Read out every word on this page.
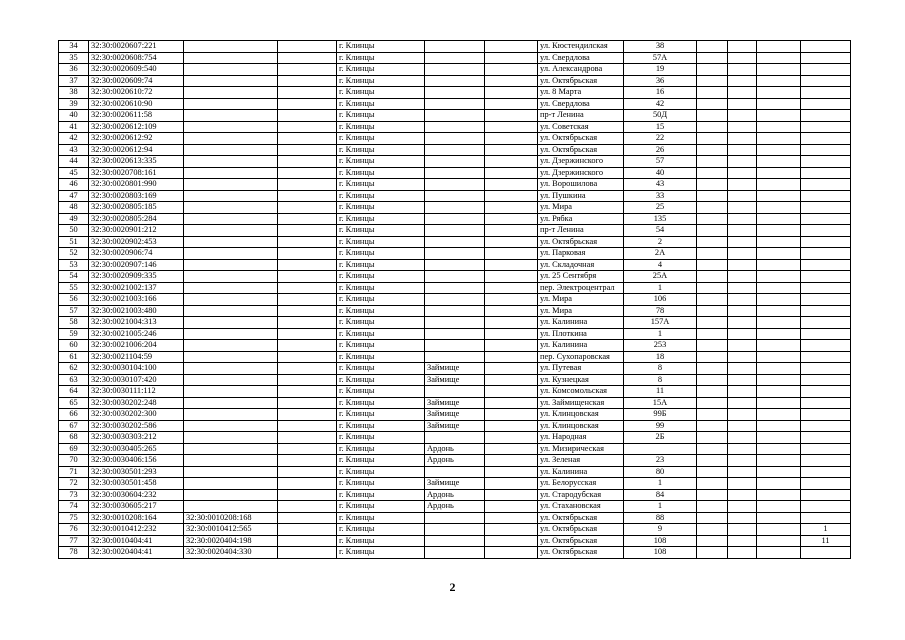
34	32:30:0020607:221			г. Клинцы			ул. Кюстендилская	38				
35	32:30:0020608:754			г. Клинцы			ул. Свердлова	57А				
36	32:30:0020609:540			г. Клинцы			ул. Александрова	19				
37	32:30:0020609:74			г. Клинцы			ул. Октябрьская	36				
38	32:30:0020610:72			г. Клинцы			ул. 8 Марта	16				
39	32:30:0020610:90			г. Клинцы			ул. Свердлова	42				
40	32:30:0020611:58			г. Клинцы			пр-т Ленина	50Д				
41	32:30:0020612:109			г. Клинцы			ул. Советская	15				
42	32:30:0020612:92			г. Клинцы			ул. Октябрьская	22				
43	32:30:0020612:94			г. Клинцы			ул. Октябрьская	26				
44	32:30:0020613:335			г. Клинцы			ул. Дзержинского	57				
45	32:30:0020708:161			г. Клинцы			ул. Дзержинского	40				
46	32:30:0020801:990			г. Клинцы			ул. Ворошилова	43				
47	32:30:0020803:169			г. Клинцы			ул. Пушкина	33				
48	32:30:0020805:185			г. Клинцы			ул. Мира	25				
49	32:30:0020805:284			г. Клинцы			ул. Рябка	135				
50	32:30:0020901:212			г. Клинцы			пр-т Ленина	54				
51	32:30:0020902:453			г. Клинцы			ул. Октябрьская	2				
52	32:30:0020906:74			г. Клинцы			ул. Парковая	2А				
53	32:30:0020907:146			г. Клинцы			ул. Складочная	4				
54	32:30:0020909:335			г. Клинцы			ул. 25 Сентября	25А				
55	32:30:0021002:137			г. Клинцы			пер. Электроцентрал	1				
56	32:30:0021003:166			г. Клинцы			ул. Мира	106				
57	32:30:0021003:480			г. Клинцы			ул. Мира	78				
58	32:30:0021004:313			г. Клинцы			ул. Калинина	157А				
59	32:30:0021005:246			г. Клинцы			ул. Плоткина	1				
60	32:30:0021006:204			г. Клинцы			ул. Калинина	253				
61	32:30:0021104:59			г. Клинцы			пер. Сухопаровская	18				
62	32:30:0030104:100			г. Клинцы	Займище		ул. Путевая	8				
63	32:30:0030107:420			г. Клинцы	Займище		ул. Кузнецкая	8				
64	32:30:0030111:112			г. Клинцы			ул. Комсомольская	11				
65	32:30:0030202:248			г. Клинцы	Займище		ул. Займищенская	15А				
66	32:30:0030202:300			г. Клинцы	Займище		ул. Клинцовская	99Б				
67	32:30:0030202:586			г. Клинцы	Займище		ул. Клинцовская	99				
68	32:30:0030303:212			г. Клинцы			ул. Народная	2Б				
69	32:30:0030405:265			г. Клинцы	Ардонь		ул. Мизирическая					
70	32:30:0030406:156			г. Клинцы	Ардонь		ул. Зеленая	23				
71	32:30:0030501:293			г. Клинцы			ул. Калинина	80				
72	32:30:0030501:458			г. Клинцы	Займище		ул. Белорусская	1				
73	32:30:0030604:232			г. Клинцы	Ардонь		ул. Стародубская	84				
74	32:30:0030605:217			г. Клинцы	Ардонь		ул. Стахановская	1				
75	32:30:0010208:164	32:30:0010208:168		г. Клинцы			ул. Октябрьская	88				
76	32:30:0010412:232	32:30:0010412:565		г. Клинцы			ул. Октябрьская	9				1
77	32:30:0010404:41	32:30:0020404:198		г. Клинцы			ул. Октябрьская	108				11
78	32:30:0020404:41	32:30:0020404:330		г. Клинцы			ул. Октябрьская	108				
2
